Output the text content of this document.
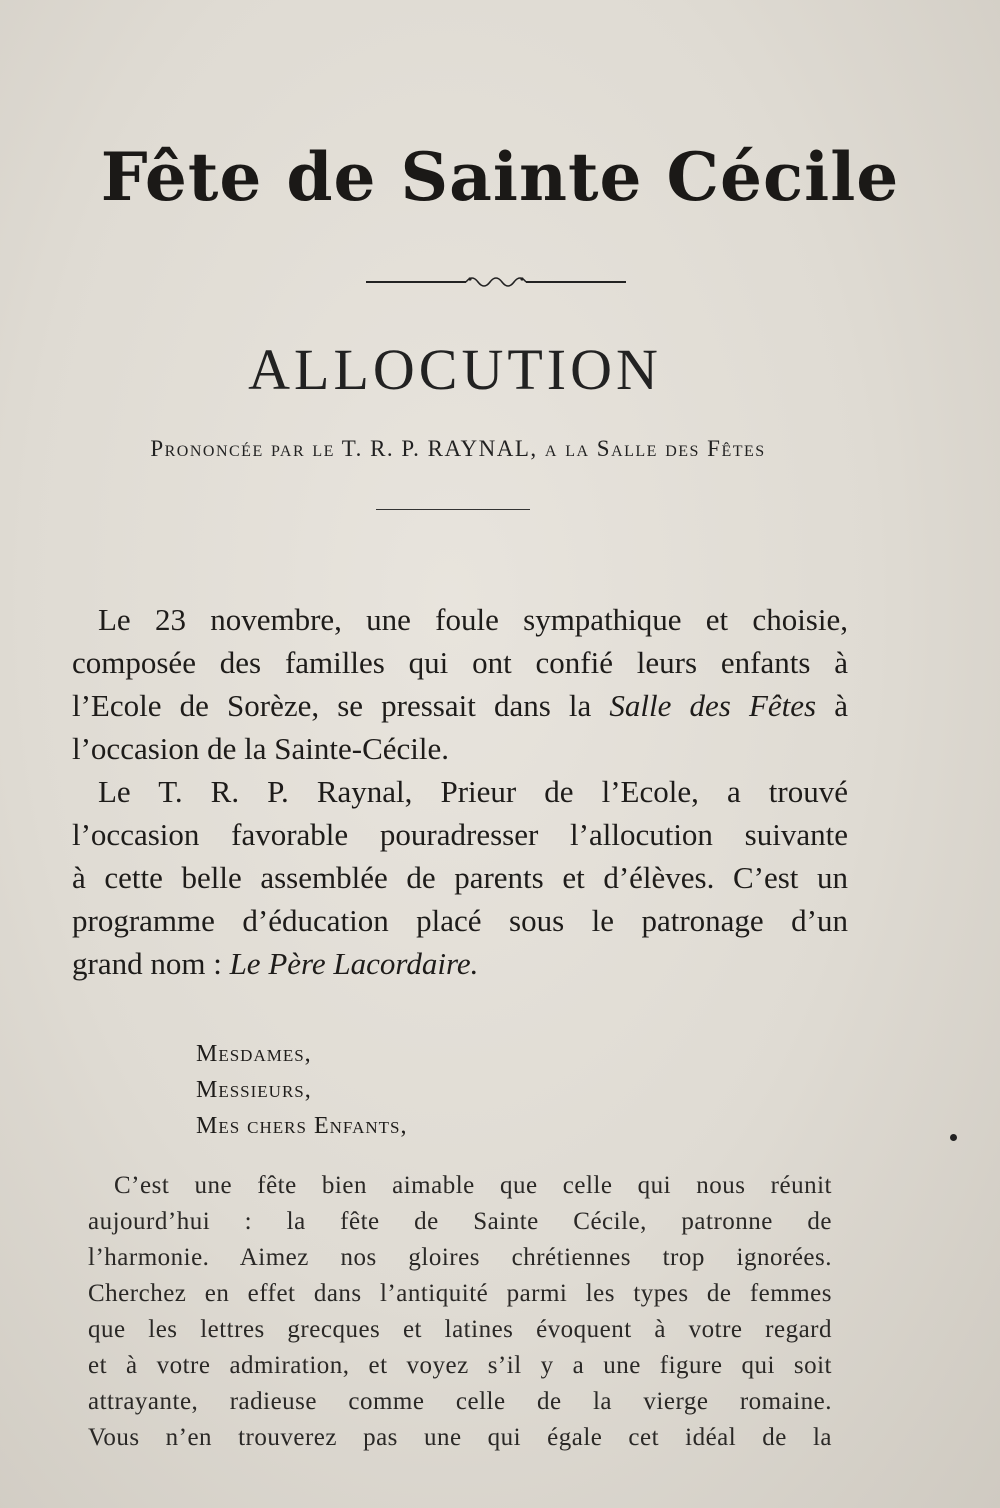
Fête de Sainte Cécile
ALLOCUTION
Prononcée par le T. R. P. RAYNAL, a la Salle des Fêtes
Le 23 novembre, une foule sympathique et choisie,
composée des familles qui ont confié leurs enfants à
l’Ecole de Sorèze, se pressait dans la Salle des Fêtes à
l’occasion de la Sainte-Cécile.
Le T. R. P. Raynal, Prieur de l’Ecole, a trouvé
l’occasion favorable pouradresser l’allocution suivante
à cette belle assemblée de parents et d’élèves. C’est un
programme d’éducation placé sous le patronage d’un
grand nom : Le Père Lacordaire.
Mesdames,
Messieurs,
Mes chers Enfants,
C’est une fête bien aimable que celle qui nous réunit
aujourd’hui : la fête de Sainte Cécile, patronne de
l’harmonie. Aimez nos gloires chrétiennes trop ignorées.
Cherchez en effet dans l’antiquité parmi les types de femmes
que les lettres grecques et latines évoquent à votre regard
et à votre admiration, et voyez s’il y a une figure qui soit
attrayante, radieuse comme celle de la vierge romaine.
Vous n’en trouverez pas une qui égale cet idéal de la
